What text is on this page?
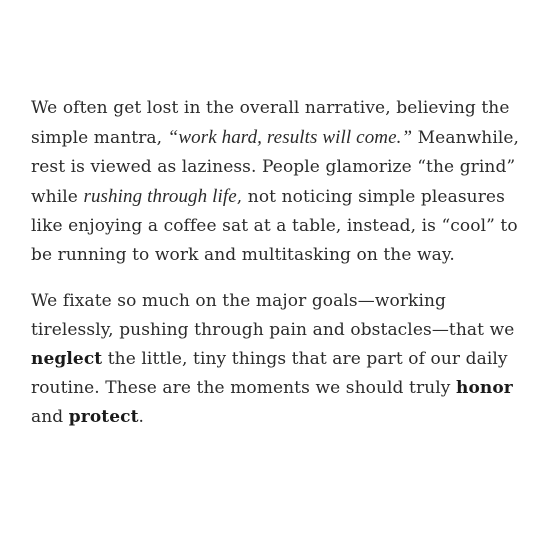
We often get lost in the overall narrative, believing the
simple mantra, “work hard, results will come.” Meanwhile,
rest is viewed as laziness. People glamorize “the grind”
while rushing through life, not noticing simple pleasures
like enjoying a coffee sat at a table, instead, is “cool” to
be running to work and multitasking on the way.

We fixate so much on the major goals—working
tirelessly, pushing through pain and obstacles—that we
neglect the little, tiny things that are part of our daily
routine. These are the moments we should truly honor
and protect.
